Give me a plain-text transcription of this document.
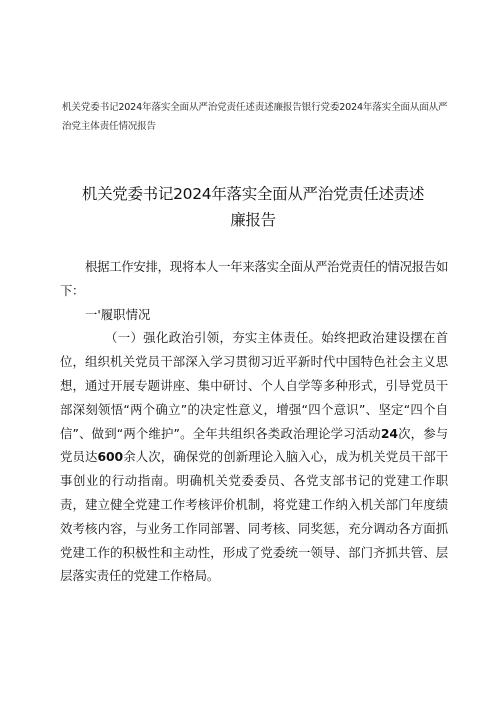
机关党委书记2024年落实全面从严治党责任述责述廉报告银行党委2024年落实全面从面从严治党主体责任情况报告
机关党委书记2024年落实全面从严治党责任述责述廉报告

根据工作安排，现将本人一年来落实全面从严治党责任的情况报告如下：

一'履职情况

（一）强化政治引领，夯实主体责任。始终把政治建设摆在首位，组织机关党员干部深入学习贯彻习近平新时代中国特色社会主义思想，通过开展专题讲座、集中研讨、个人自学等多种形式，引导党员干部深刻领悟“两个确立”的决定性意义，增强“四个意识”、坚定“四个自信”、做到“两个维护”。全年共组织各类政治理论学习活动24次，参与党员达600余人次，确保党的创新理论入脑入心，成为机关党员干部干事创业的行动指南。明确机关党委委员、各党支部书记的党建工作职责，建立健全党建工作考核评价机制，将党建工作纳入机关部门年度绩效考核内容，与业务工作同部署、同考核、同奖惩，充分调动各方面抓党建工作的积极性和主动性，形成了党委统一领导、部门齐抓共管、层层落实责任的党建工作格局。
